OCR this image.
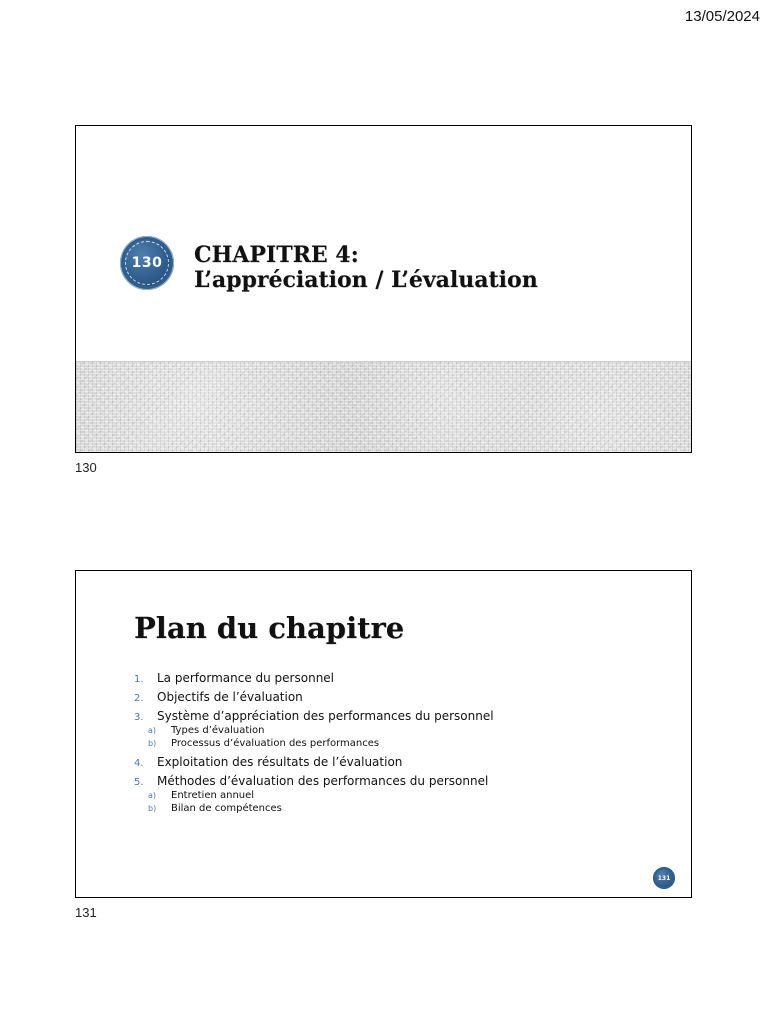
13/05/2024
130 CHAPITRE 4:
L’appréciation / L’évaluation
130
Plan du chapitre
1.	La performance du personnel
2.	Objectifs de l’évaluation
3.	Système d’appréciation des performances du personnel
a)	Types d’évaluation
b)	Processus d’évaluation des performances
4.	Exploitation des résultats de l’évaluation
5.	Méthodes d’évaluation des performances du personnel
a)	Entretien annuel
b)	Bilan de compétences
131
131
